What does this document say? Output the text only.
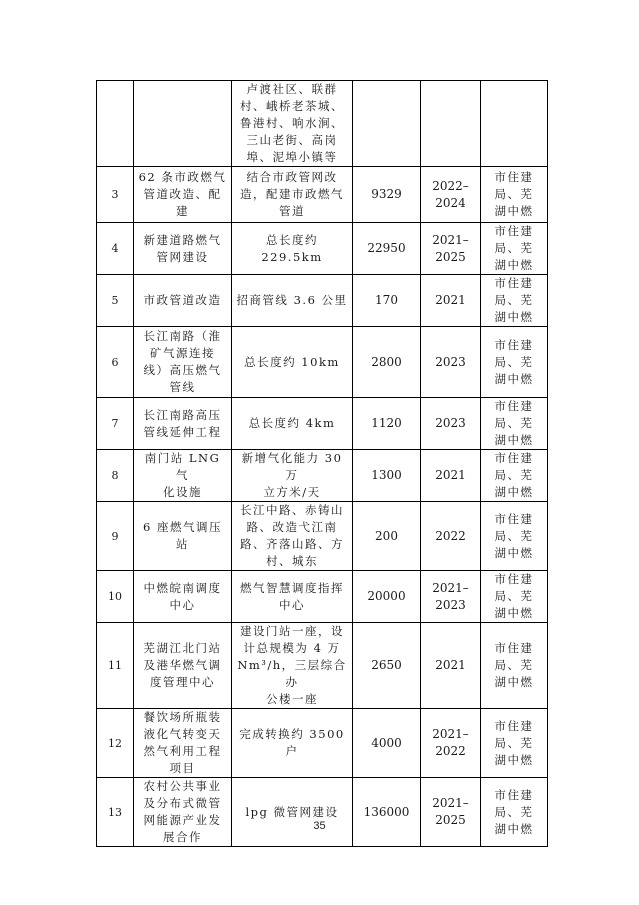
		卢渡社区、联群
村、峨桥老茶城、
鲁港村、响水涧、
三山老街、高岗
埠、泥埠小镇等			

3	62 条市政燃气
管道改造、配
建	结合市政管网改
造，配建市政燃气
管道	9329	2022–
2024	市住建
局、芜
湖中燃

4	新建道路燃气
管网建设	总长度约 229.5km	22950	2021–
2025	市住建
局、芜
湖中燃

5	市政管道改造	招商管线 3.6 公里	170	2021	市住建
局、芜
湖中燃

6	长江南路（淮
矿气源连接
线）高压燃气
管线	总长度约 10km	2800	2023	市住建
局、芜
湖中燃

7	长江南路高压
管线延伸工程	总长度约 4km	1120	2023	市住建
局、芜
湖中燃

8	南门站 LNG 气
化设施	新增气化能力 30 万
立方米/天	1300	2021	市住建
局、芜
湖中燃

9	6 座燃气调压
站	长江中路、赤铸山
路、改造弋江南
路、齐落山路、方
村、城东	200	2022	市住建
局、芜
湖中燃

10	中燃皖南调度
中心	燃气智慧调度指挥
中心	20000	2021–
2023	市住建
局、芜
湖中燃

11	芜湖江北门站
及港华燃气调
度管理中心	建设门站一座，设
计总规模为 4 万
Nm³/h，三层综合办
公楼一座	2650	2021	市住建
局、芜
湖中燃

12	餐饮场所瓶装
液化气转变天
然气利用工程
项目	完成转换约 3500 户	4000	2021–
2022	市住建
局、芜
湖中燃

13	农村公共事业
及分布式微管
网能源产业发
展合作	lpg 微管网建设	136000	2021–
2025	市住建
局、芜
湖中燃
35
